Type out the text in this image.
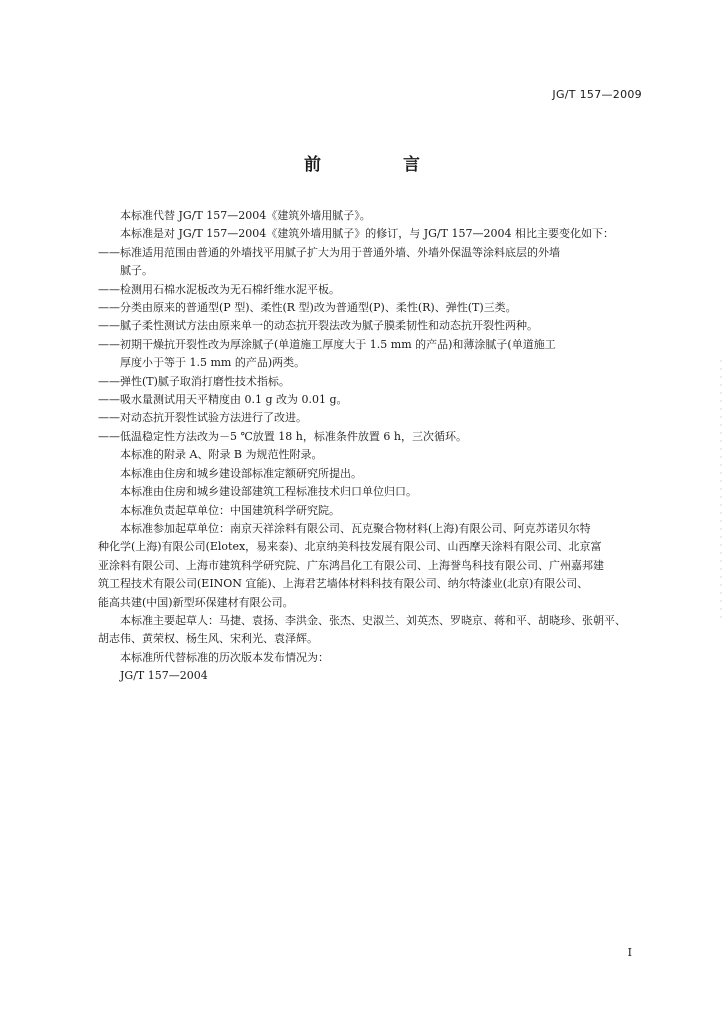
JG/T 157—2009
前 言
本标准代替 JG/T 157—2004《建筑外墙用腻子》。
本标准是对 JG/T 157—2004《建筑外墙用腻子》的修订，与 JG/T 157—2004 相比主要变化如下：
——标准适用范围由普通的外墙找平用腻子扩大为用于普通外墙、外墙外保温等涂料底层的外墙
腻子。
——检测用石棉水泥板改为无石棉纤维水泥平板。
——分类由原来的普通型(P 型)、柔性(R 型)改为普通型(P)、柔性(R)、弹性(T)三类。
——腻子柔性测试方法由原来单一的动态抗开裂法改为腻子膜柔韧性和动态抗开裂性两种。
——初期干燥抗开裂性改为厚涂腻子(单道施工厚度大于 1.5 mm 的产品)和薄涂腻子(单道施工
厚度小于等于 1.5 mm 的产品)两类。
——弹性(T)腻子取消打磨性技术指标。
——吸水量测试用天平精度由 0.1 g 改为 0.01 g。
——对动态抗开裂性试验方法进行了改进。
——低温稳定性方法改为－5 ℃放置 18 h，标准条件放置 6 h，三次循环。
本标准的附录 A、附录 B 为规范性附录。
本标准由住房和城乡建设部标准定额研究所提出。
本标准由住房和城乡建设部建筑工程标准技术归口单位归口。
本标准负责起草单位：中国建筑科学研究院。
本标准参加起草单位：南京天祥涂料有限公司、瓦克聚合物材料(上海)有限公司、阿克苏诺贝尔特
种化学(上海)有限公司(Elotex，易来泰)、北京纳美科技发展有限公司、山西摩天涂料有限公司、北京富
亚涂料有限公司、上海市建筑科学研究院、广东鸿昌化工有限公司、上海誉鸟科技有限公司、广州嘉邦建
筑工程技术有限公司(EINON 宜能)、上海君艺墙体材料科技有限公司、纳尔特漆业(北京)有限公司、
能高共建(中国)新型环保建材有限公司。
本标准主要起草人：马捷、袁扬、李洪金、张杰、史淑兰、刘英杰、罗晓京、蒋和平、胡晓珍、张朝平、
胡志伟、黄荣权、杨生风、宋利光、袁泽辉。
本标准所代替标准的历次版本发布情况为：
JG/T 157—2004
I
